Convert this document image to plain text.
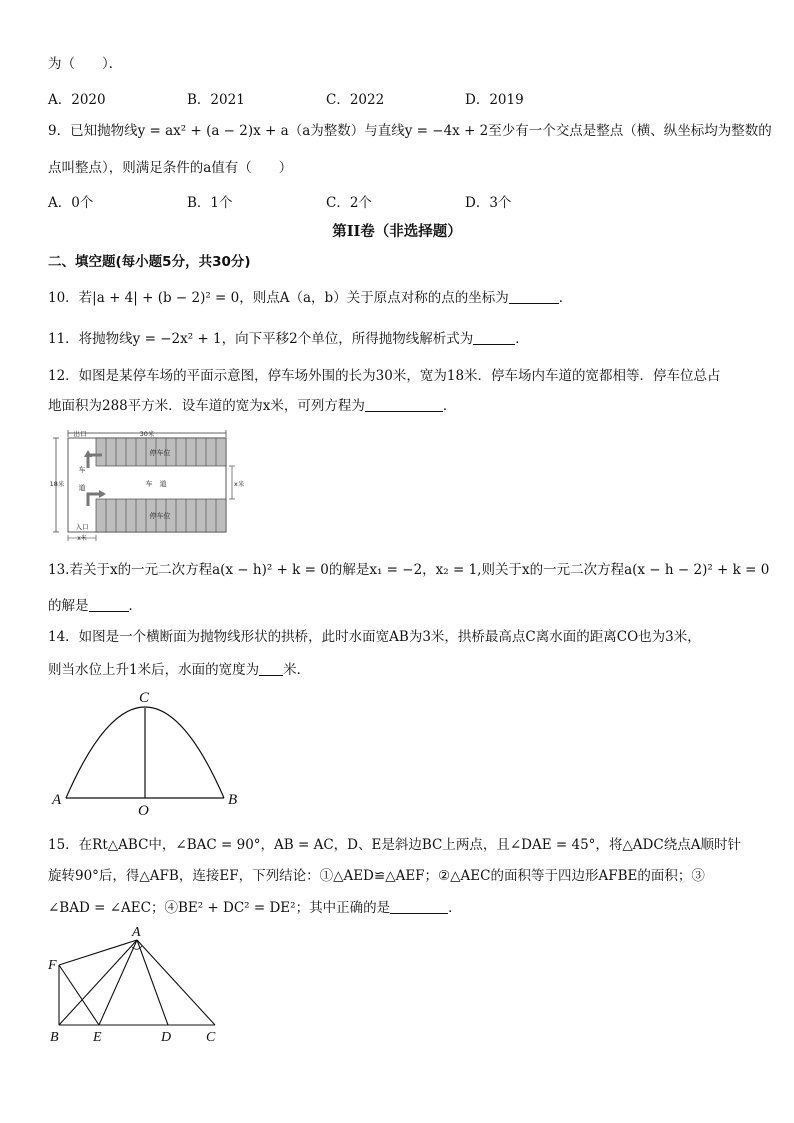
为（　　）．
A．2020	B．2021	C．2022	D．2019
9．已知抛物线y = ax² + (a − 2)x + a（a为整数）与直线y = −4x + 2至少有一个交点是整点（横、纵坐标均为整数的
点叫整点），则满足条件的a值有（　　）
A．0个	B．1个	C．2个	D．3个
第II卷（非选择题）
二、填空题(每小题5分，共30分)
10．若|a + 4| + (b − 2)² = 0，则点A（a，b）关于原点对称的点的坐标为	．
11．将抛物线y = −2x² + 1，向下平移2个单位，所得抛物线解析式为	．
12．如图是某停车场的平面示意图，停车场外围的长为30米，宽为18米．停车场内车道的宽都相等．停车位总占
地面积为288平方米．设车道的宽为x米，可列方程为	．
30米
18米
停车位
停车位
车　道
出口
车
道
入口
x米
x米
13.若关于x的一元二次方程a(x − h)² + k = 0的解是x₁ = −2，x₂ = 1,则关于x的一元二次方程a(x − h − 2)² + k = 0
的解是	．
14．如图是一个横断面为抛物线形状的拱桥，此时水面宽AB为3米，拱桥最高点C离水面的距离CO也为3米，
则当水位上升1米后，水面的宽度为 米．
A	B
C
O
15．在Rt△ABC中，∠BAC = 90°，AB = AC，D、E是斜边BC上两点，且∠DAE = 45°，将△ADC绕点A顺时针
旋转90°后，得△AFB，连接EF，下列结论：①△AED≌△AEF；②△AEC的面积等于四边形AFBE的面积；③
∠BAD = ∠AEC；④BE² + DC² = DE²；其中正确的是	．
A
F
B E	D C
